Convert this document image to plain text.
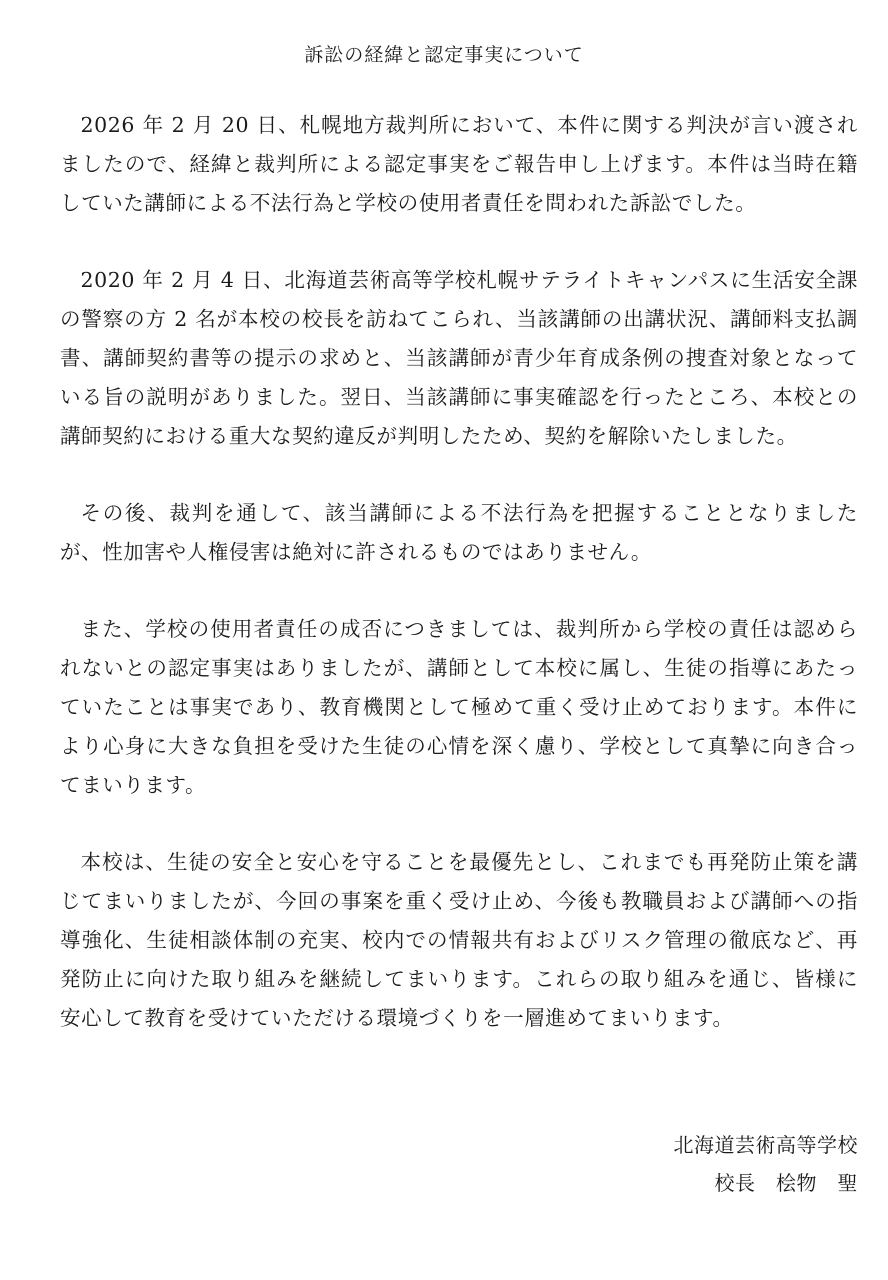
訴訟の経緯と認定事実について

2026 年 2 月 20 日、札幌地方裁判所において、本件に関する判決が言い渡されましたので、経緯と裁判所による認定事実をご報告申し上げます。本件は当時在籍していた講師による不法行為と学校の使用者責任を問われた訴訟でした。

2020 年 2 月 4 日、北海道芸術高等学校札幌サテライトキャンパスに生活安全課の警察の方 2 名が本校の校長を訪ねてこられ、当該講師の出講状況、講師料支払調書、講師契約書等の提示の求めと、当該講師が青少年育成条例の捜査対象となっている旨の説明がありました。翌日、当該講師に事実確認を行ったところ、本校との講師契約における重大な契約違反が判明したため、契約を解除いたしました。

その後、裁判を通して、該当講師による不法行為を把握することとなりましたが、性加害や人権侵害は絶対に許されるものではありません。

また、学校の使用者責任の成否につきましては、裁判所から学校の責任は認められないとの認定事実はありましたが、講師として本校に属し、生徒の指導にあたっていたことは事実であり、教育機関として極めて重く受け止めております。本件により心身に大きな負担を受けた生徒の心情を深く慮り、学校として真摯に向き合ってまいります。

本校は、生徒の安全と安心を守ることを最優先とし、これまでも再発防止策を講じてまいりましたが、今回の事案を重く受け止め、今後も教職員および講師への指導強化、生徒相談体制の充実、校内での情報共有およびリスク管理の徹底など、再発防止に向けた取り組みを継続してまいります。これらの取り組みを通じ、皆様に安心して教育を受けていただける環境づくりを一層進めてまいります。

北海道芸術高等学校
校長　桧物　聖
